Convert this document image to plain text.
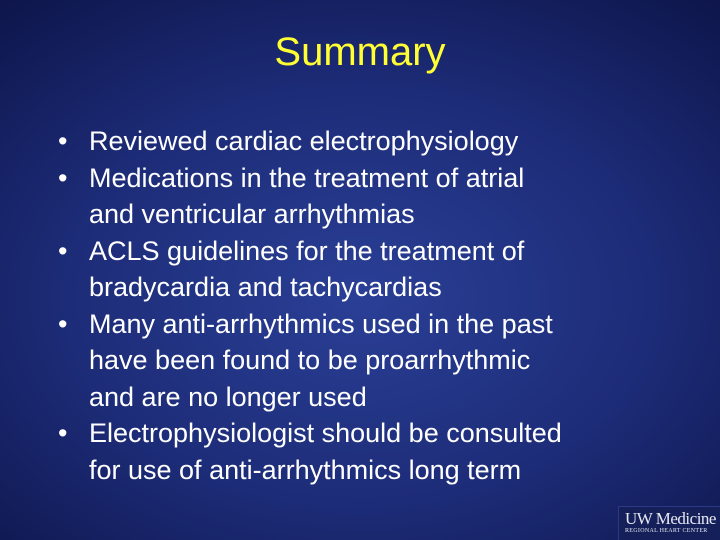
Summary
• Reviewed cardiac electrophysiology
• Medications in the treatment of atrial
and ventricular arrhythmias
• ACLS guidelines for the treatment of
bradycardia and tachycardias
• Many anti-arrhythmics used in the past
have been found to be proarrhythmic
and are no longer used
• Electrophysiologist should be consulted
for use of anti-arrhythmics long term
UW Medicine
REGIONAL HEART CENTER
